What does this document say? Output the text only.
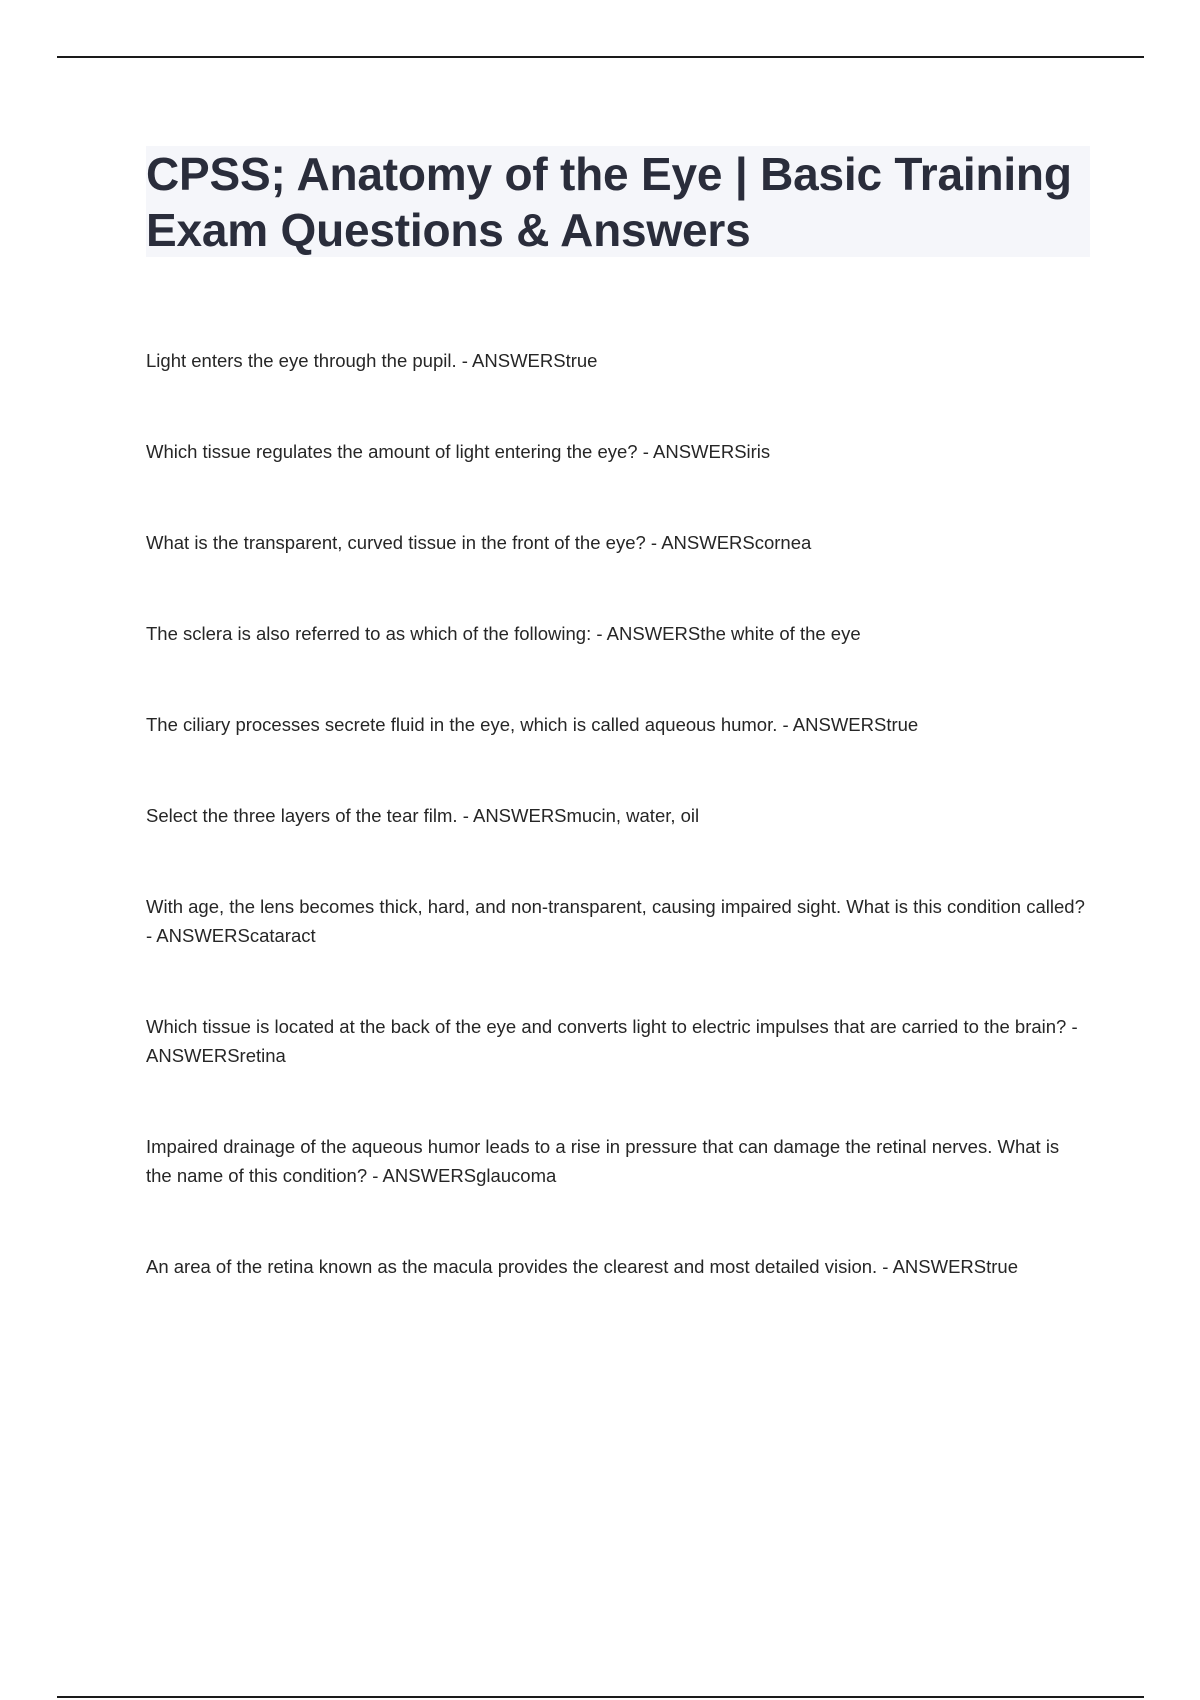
CPSS; Anatomy of the Eye | Basic Training Exam Questions & Answers
Light enters the eye through the pupil. - ANSWERStrue
Which tissue regulates the amount of light entering the eye? - ANSWERSiris
What is the transparent, curved tissue in the front of the eye? - ANSWERScornea
The sclera is also referred to as which of the following: - ANSWERSthe white of the eye
The ciliary processes secrete fluid in the eye, which is called aqueous humor. - ANSWERStrue
Select the three layers of the tear film. - ANSWERSmucin, water, oil
With age, the lens becomes thick, hard, and non-transparent, causing impaired sight. What is this condition called? - ANSWERScataract
Which tissue is located at the back of the eye and converts light to electric impulses that are carried to the brain? - ANSWERSretina
Impaired drainage of the aqueous humor leads to a rise in pressure that can damage the retinal nerves. What is the name of this condition? - ANSWERSglaucoma
An area of the retina known as the macula provides the clearest and most detailed vision. - ANSWERStrue
